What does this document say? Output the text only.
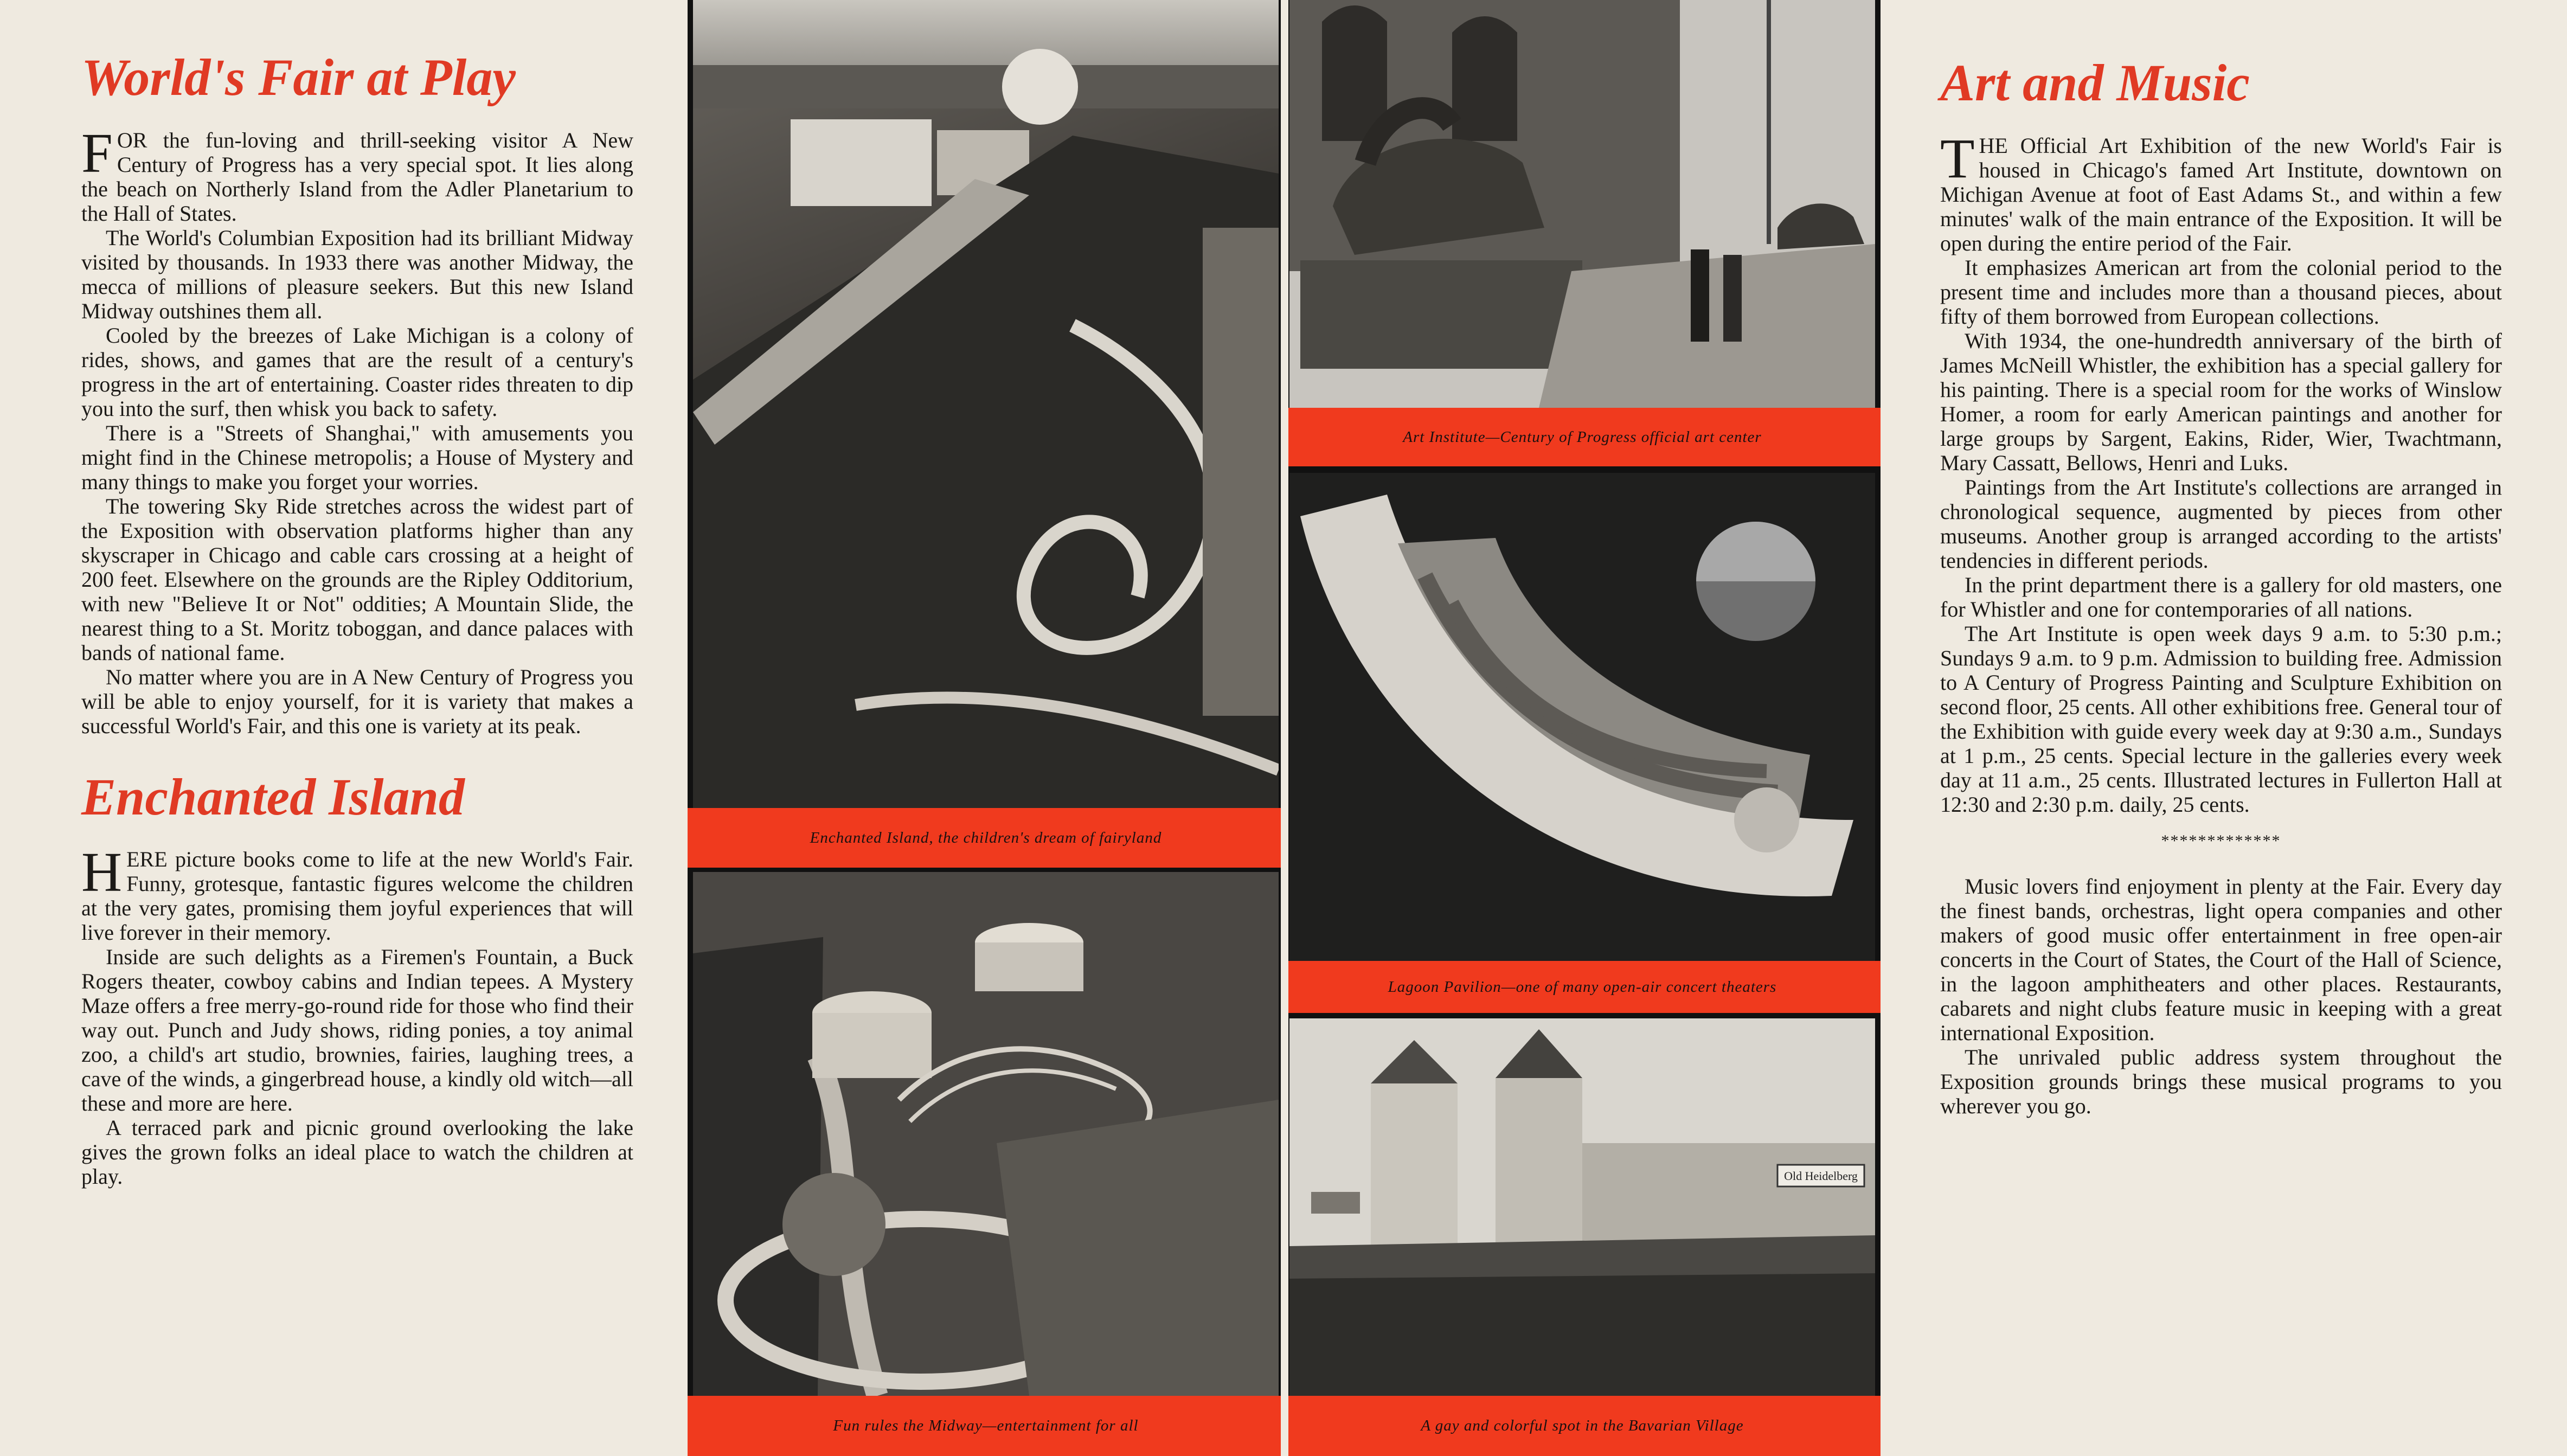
World's Fair at Play

FOR the fun-loving and thrill-seeking visitor A New Century of Progress has a very special spot. It lies along the beach on Northerly Island from the Adler Planetarium to the Hall of States.

The World's Columbian Exposition had its brilliant Midway visited by thousands. In 1933 there was another Midway, the mecca of millions of pleasure seekers. But this new Island Midway outshines them all.

Cooled by the breezes of Lake Michigan is a colony of rides, shows, and games that are the result of a century's progress in the art of entertaining. Coaster rides threaten to dip you into the surf, then whisk you back to safety.

There is a "Streets of Shanghai," with amusements you might find in the Chinese metropolis; a House of Mystery and many things to make you forget your worries.

The towering Sky Ride stretches across the widest part of the Exposition with observation platforms higher than any skyscraper in Chicago and cable cars crossing at a height of 200 feet. Elsewhere on the grounds are the Ripley Odditorium, with new "Believe It or Not" oddities; A Mountain Slide, the nearest thing to a St. Moritz toboggan, and dance palaces with bands of national fame.

No matter where you are in A New Century of Progress you will be able to enjoy yourself, for it is variety that makes a successful World's Fair, and this one is variety at its peak.

Enchanted Island

HERE picture books come to life at the new World's Fair. Funny, grotesque, fantastic figures welcome the children at the very gates, promising them joyful experiences that will live forever in their memory.

Inside are such delights as a Firemen's Fountain, a Buck Rogers theater, cowboy cabins and Indian tepees. A Mystery Maze offers a free merry-go-round ride for those who find their way out. Punch and Judy shows, riding ponies, a toy animal zoo, a child's art studio, brownies, fairies, laughing trees, a cave of the winds, a gingerbread house, a kindly old witch—all these and more are here.

A terraced park and picnic ground overlooking the lake gives the grown folks an ideal place to watch the children at play.

Enchanted Island, the children's dream of fairyland
Fun rules the Midway—entertainment for all
Art Institute—Century of Progress official art center
Lagoon Pavilion—one of many open-air concert theaters
Old Heidelberg
A gay and colorful spot in the Bavarian Village
Art and Music

THE Official Art Exhibition of the new World's Fair is housed in Chicago's famed Art Institute, downtown on Michigan Avenue at foot of East Adams St., and within a few minutes' walk of the main entrance of the Exposition. It will be open during the entire period of the Fair.

It emphasizes American art from the colonial period to the present time and includes more than a thousand pieces, about fifty of them borrowed from European collections.

With 1934, the one-hundredth anniversary of the birth of James McNeill Whistler, the exhibition has a special gallery for his painting. There is a special room for the works of Winslow Homer, a room for early American paintings and another for large groups by Sargent, Eakins, Rider, Wier, Twachtmann, Mary Cassatt, Bellows, Henri and Luks.

Paintings from the Art Institute's collections are arranged in chronological sequence, augmented by pieces from other museums. Another group is arranged according to the artists' tendencies in different periods.

In the print department there is a gallery for old masters, one for Whistler and one for contemporaries of all nations.

The Art Institute is open week days 9 a.m. to 5:30 p.m.; Sundays 9 a.m. to 9 p.m. Admission to building free. Admission to A Century of Progress Painting and Sculpture Exhibition on second floor, 25 cents. All other exhibitions free. General tour of the Exhibition with guide every week day at 9:30 a.m., Sundays at 1 p.m., 25 cents. Special lecture in the galleries every week day at 11 a.m., 25 cents. Illustrated lectures in Fullerton Hall at 12:30 and 2:30 p.m. daily, 25 cents.

*************

Music lovers find enjoyment in plenty at the Fair. Every day the finest bands, orchestras, light opera companies and other makers of good music offer entertainment in free open-air concerts in the Court of States, the Court of the Hall of Science, in the lagoon amphitheaters and other places. Restaurants, cabarets and night clubs feature music in keeping with a great international Exposition.

The unrivaled public address system throughout the Exposition grounds brings these musical programs to you wherever you go.
